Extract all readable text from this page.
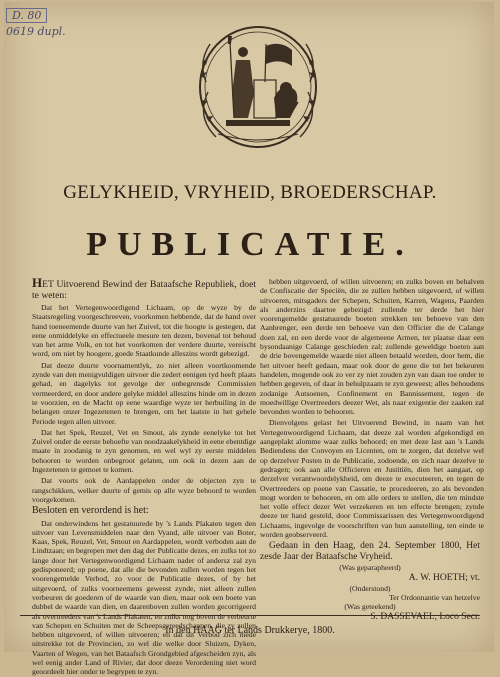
D. 80
0619 dupl.
GELYKHEID, VRYHEID, BROEDERSCHAP.
PUBLICATIE.

HET Uitvoerend Bewind der Bataafsche Republiek, doet te weten:

Dat het Vertegenwoordigend Lichaam, op de wyze by de Staatsregeling voorgeschreeven, voorkomen hebbende, dat de hand over hand toeneemende duurte van het Zuivel, tot die hoogte is gestegen, dat eene onmiddelyke en effectueele mesure ten dezen, bovenal tot behoud van het arme Volk, en tot het voorkomen der verdere duurte, vereischt word, om niet by hoogere, goede Staatkunde alleszins wordt gebezigd.

Dat deeze duurte voornamentlyk, zo niet alleen voortkoomende zynde van den menigvuldigen uitvoer die zedert eenigen tyd heeft plaats gehad, en dagelyks tot gevolge der onbegrensde Commissien vermeerderd, en door andere gelyke middel alleszins hinde om in dezen te voorzien, en de Macht op eene waardige wyze ter herbuiling in de belangen onzer Ingezetenen te brengen, om het laatste in het gehele Periode tegen allen uitvoer.

Dat het Spek, Reuzel, Vet en Smout, als zynde eenelyke tot het Zuivel onder de eerste behoefte van noodzaakelykheid in eene ebentdige maate in zoodanig te zyn genomen, en wel wyl zy eerste middelen behooren te worden onbegroot gelaten, om ook in dezen aan de Ingezetenen te gemoet te komen.

Dat voorts ook de Aardappelen onder de objecten zyn te rangschikken, welker duurte of gemis op alle wyze behoord te worden voorgekomen.

Besloten en verordend is het:

Dat onderwindens het gestatuurede by 's Lands Plakaten tegen den uitvoer van Levensmiddelen naar den Vyand, alle uitvoer van Boter, Kaas, Spek, Reuzel, Vet, Smout en Aardappelen, wordt verboden aan de Lindtzaan; en begrepen met den dag der Publicatie dezes, en zulks tot zo lange door het Vertegenwoordigend Lichaam nader of andersz zal zyn gedisponeerd; op poene, dat alle die bevonden zullen worden tegen het voorengemelde Verbod, zo voor de Publicatie dezes, of by het uitgevoerd, of zulks voorneemens geweest zynde, niet alleen zullen verbeuren de goederen of de waarde van dien, maar ook een boete van dubbel de waarde van dien, en daarenboven zullen worden gecorrigeerd als overtreeders van 's Lands Plakaten, en zulks nog boven de verbeurte van Schepen en Schuiten met de Scheepsgereedschappen, die zy zullen hebben uitgevoerd, of willen uitvoeren; en dat dit Verbod zich mede uitstrekke tot de Provincien, zo wel die welke door Sluizen, Dyken, Vaarten of Wegen, van het Bataafsch Grondgebied afgescheiden zyn, als wel eenig ander Land of Rivier, dat door deeze Verordening niet word geoordeelt hier onder te begrypen te zyn.

hebben uitgevoerd, of willen uitvoeren; en zulks boven en behalven de Confiscatie der Speciën, die ze zullen hebben uitgevoerd, of willen uitvoeren, mitsgaders der Schepen, Schuiten, Karren, Wagens, Paarden als anderzins daartoe gebezigd: zullende ter derde het hier voorengemelde gestatuurede boeten strekken ten behoeve van den Aanbrenger, een derde ten behoeve van den Officier die de Calange doen zal, en een derde voor de algemeene Armen, ter plaatse daar een bysondaanige Calange geschieden zal; zullende geweldige boeten aan de drie bovengemelde waarde niet alleen betaald worden, door hem, die het uitvoer heeft gedaan, maar ook door de gene die tot het bekeuren handelen, mogende ook zo ver zy niet zouden zyn van daan toe onder te hebben gegeven, of daar in behulpzaam te zyn geweest; alles behoudens zodanige Autsoenen, Confinement en Bannissement, tegen de moedwillige Overtreeders deezer Wet, als naar exigentie der zaaken zal bevonden worden te behooren.

Dienvolgens gelast het Uitvoerend Bewind, in naam van het Vertegenwoordigend Lichaam, dat deeze zal worden afgekondigd en aangeplakt alomme waar zulks behoord; en met deze last aan 's Lands Bediendens der Convoyen en Licenten, om te zorgen, dat dezelve wel op derzelver Posten in de Publicatie, zodoende, en zich naar dezelve te gedragen; ook aan alle Officieren en Justitiën, dien het aangaat, op derzelver verantwoordelykheid, om deeze te executeeren, en tegen de Overtreeders op poene van Cassatie, te procedeeren, zo als bevonden mogt worden te behooren, en om alle orders te stellen, die ten mindste het volle effect dezer Wet verzekeren en ten effecte brengen; zynde deeze ter hand gesteld, door Commissarissen des Vertegenwoordigend Lichaams, ingevolge de voorschriften van hun aanstelling, ten einde te worden geobserveerd.

Gedaan in den Haag, den 24. September 1800, Het zesde Jaar der Bataafsche Vryheid.

(Was geparapheerd)

A. W. HOETH; vt.

(Onderstond)

Ter Ordonnantie van hetzelve

(Was geteekend)

S. DASSEVAEL, Loco Secr.

In den HAAG ter Lands Drukkerye, 1800.
